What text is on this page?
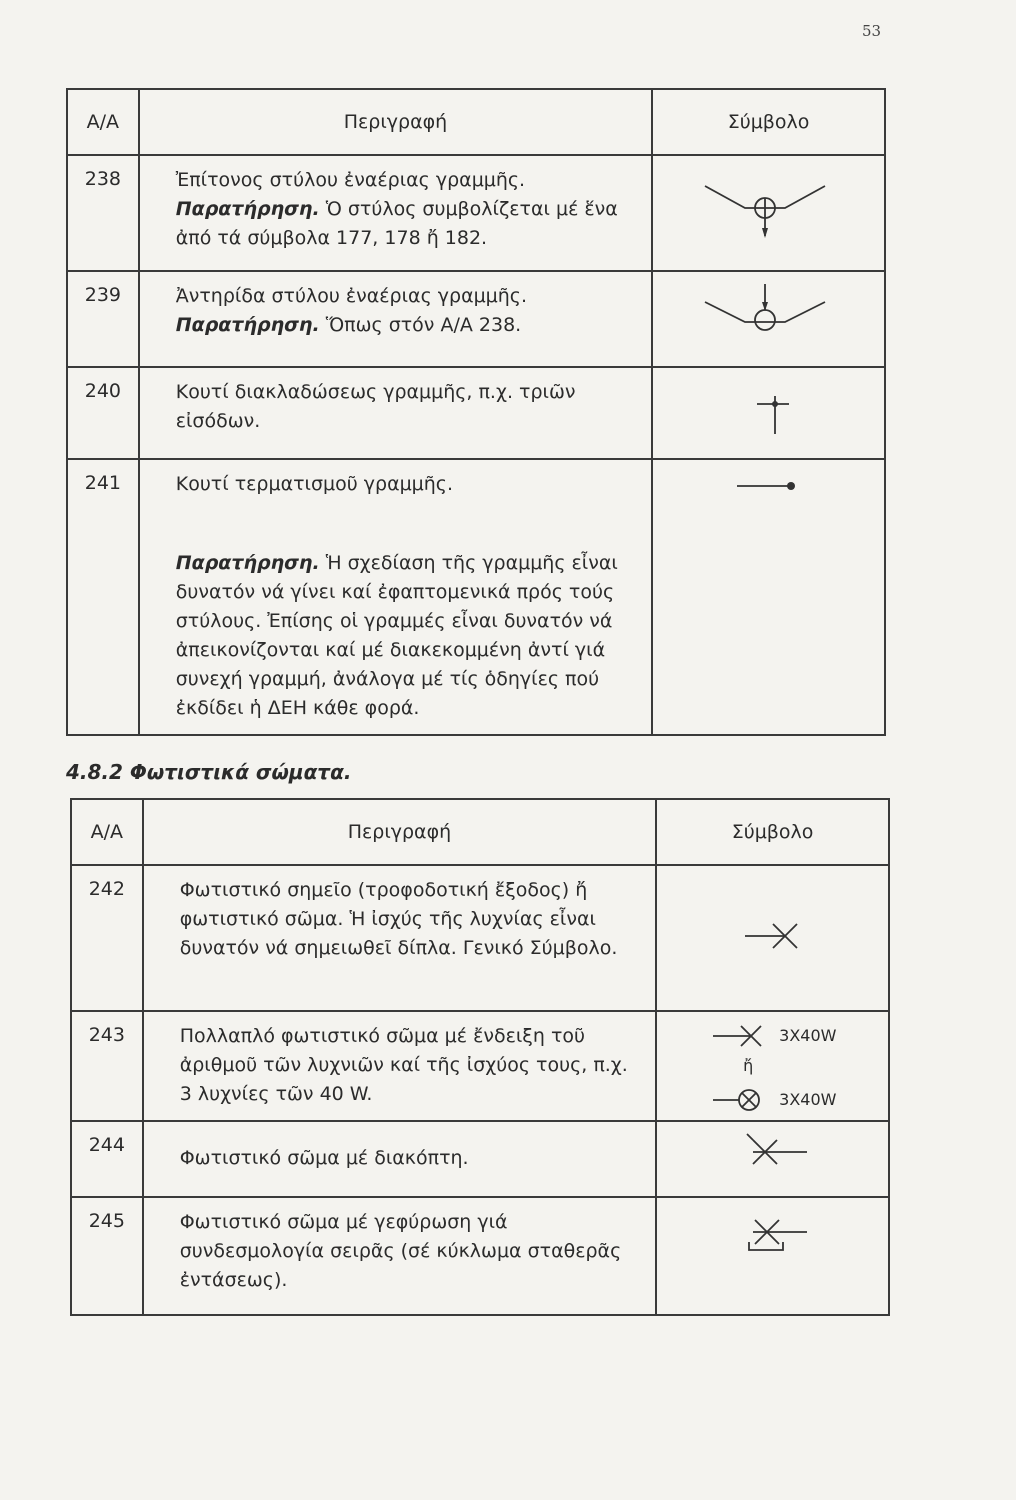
53
A/A	Περιγραφή	Σύμβολο
238	Ἐπίτονος στύλου ἐναέριας γραμμῆς.
Παρατήρηση. Ὁ στύλος συμβολίζεται μέ ἕνα ἀπό τά σύμβολα 177, 178 ἤ 182.	

239	Ἀντηρίδα στύλου ἐναέριας γραμμῆς.
Παρατήρηση. Ὅπως στόν Α/Α 238.	

240	Κουτί διακλαδώσεως γραμμῆς, π.χ. τριῶν εἰσόδων.	

241	Κουτί τερματισμοῦ γραμμῆς.	

	Παρατήρηση. Ἡ σχεδίαση τῆς γραμμῆς εἶναι δυνατόν νά γίνει καί ἐφαπτομενικά πρός τούς στύλους. Ἐπίσης οἱ γραμμές εἶναι δυνατόν νά ἀπεικονίζονται καί μέ διακεκομμένη ἀντί γιά συνεχή γραμμή, ἀνάλογα μέ τίς ὁδηγίες πού ἐκδίδει ἡ ΔΕΗ κάθε φορά.	
4.8.2 Φωτιστικά σώματα.
A/A	Περιγραφή	Σύμβολο
242	Φωτιστικό σημεῖο (τροφοδοτική ἔξοδος) ἤ φωτιστικό σῶμα. Ἡ ἰσχύς τῆς λυχνίας εἶναι δυνατόν νά σημειωθεῖ δίπλα. Γενικό Σύμβολο.	

243	Πολλαπλό φωτιστικό σῶμα μέ ἔνδειξη τοῦ ἀριθμοῦ τῶν λυχνιῶν καί τῆς ἰσχύος τους, π.χ. 3 λυχνίες τῶν 40 W.	3X40W
ἤ
3X40W

244	Φωτιστικό σῶμα μέ διακόπτη.	

245	Φωτιστικό σῶμα μέ γεφύρωση γιά συνδεσμολογία σειρᾶς (σέ κύκλωμα σταθερᾶς ἐντάσεως).	
